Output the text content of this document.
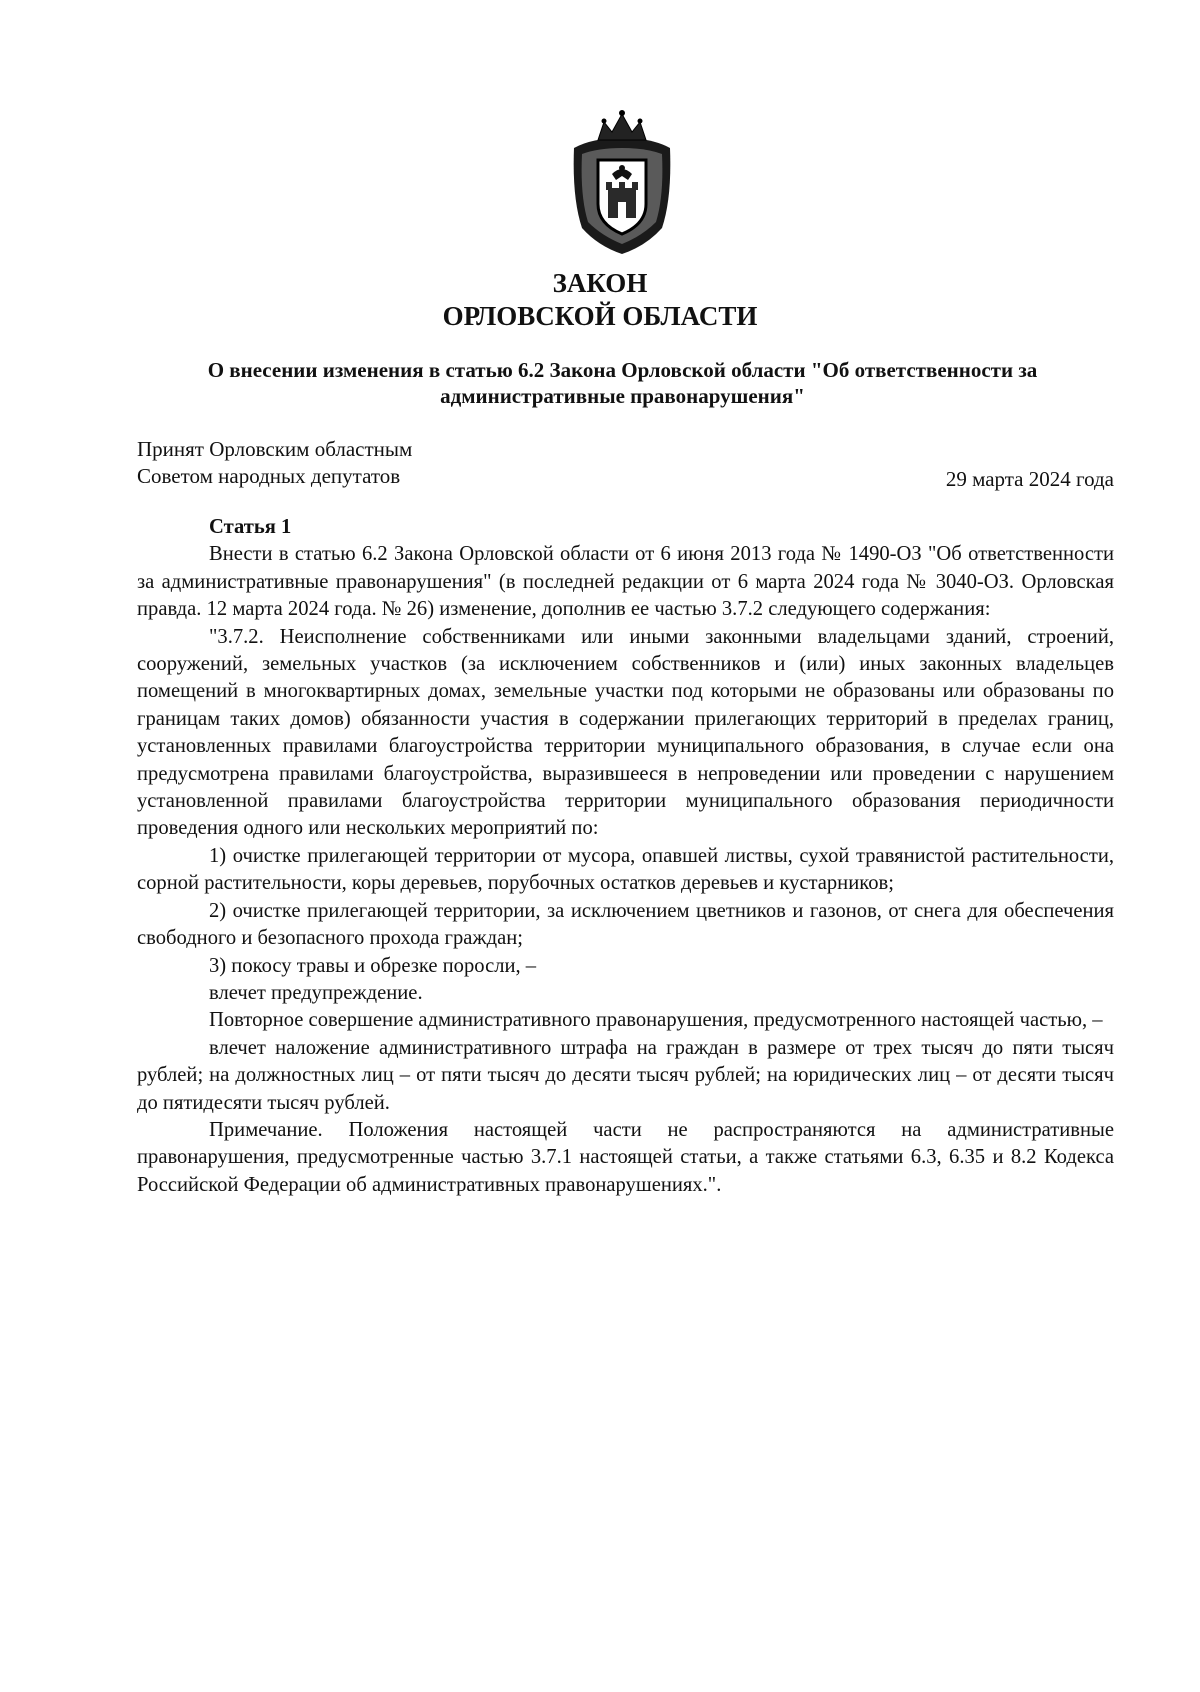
ЗАКОН
ОРЛОВСКОЙ ОБЛАСТИ
О внесении изменения в статью 6.2 Закона Орловской области "Об ответственности за административные правонарушения"
Принят Орловским областным
Советом народных депутатов	29 марта 2024 года

Статья 1

Внести в статью 6.2 Закона Орловской области от 6 июня 2013 года № 1490-ОЗ "Об ответственности за административные правонарушения" (в последней редакции от 6 марта 2024 года № 3040-ОЗ. Орловская правда. 12 марта 2024 года. № 26) изменение, дополнив ее частью 3.7.2 следующего содержания:

"3.7.2. Неисполнение собственниками или иными законными владельцами зданий, строений, сооружений, земельных участков (за исключением собственников и (или) иных законных владельцев помещений в многоквартирных домах, земельные участки под которыми не образованы или образованы по границам таких домов) обязанности участия в содержании прилегающих территорий в пределах границ, установленных правилами благоустройства территории муниципального образования, в случае если она предусмотрена правилами благоустройства, выразившееся в непроведении или проведении с нарушением установленной правилами благоустройства территории муниципального образования периодичности проведения одного или нескольких мероприятий по:

1) очистке прилегающей территории от мусора, опавшей листвы, сухой травянистой растительности, сорной растительности, коры деревьев, порубочных остатков деревьев и кустарников;

2) очистке прилегающей территории, за исключением цветников и газонов, от снега для обеспечения свободного и безопасного прохода граждан;

3) покосу травы и обрезке поросли, –

влечет предупреждение.

Повторное совершение административного правонарушения, предусмотренного настоящей частью, –

влечет наложение административного штрафа на граждан в размере от трех тысяч до пяти тысяч рублей; на должностных лиц – от пяти тысяч до десяти тысяч рублей; на юридических лиц – от десяти тысяч до пятидесяти тысяч рублей.

Примечание. Положения настоящей части не распространяются на административные правонарушения, предусмотренные частью 3.7.1 настоящей статьи, а также статьями 6.3, 6.35 и 8.2 Кодекса Российской Федерации об административных правонарушениях.".
